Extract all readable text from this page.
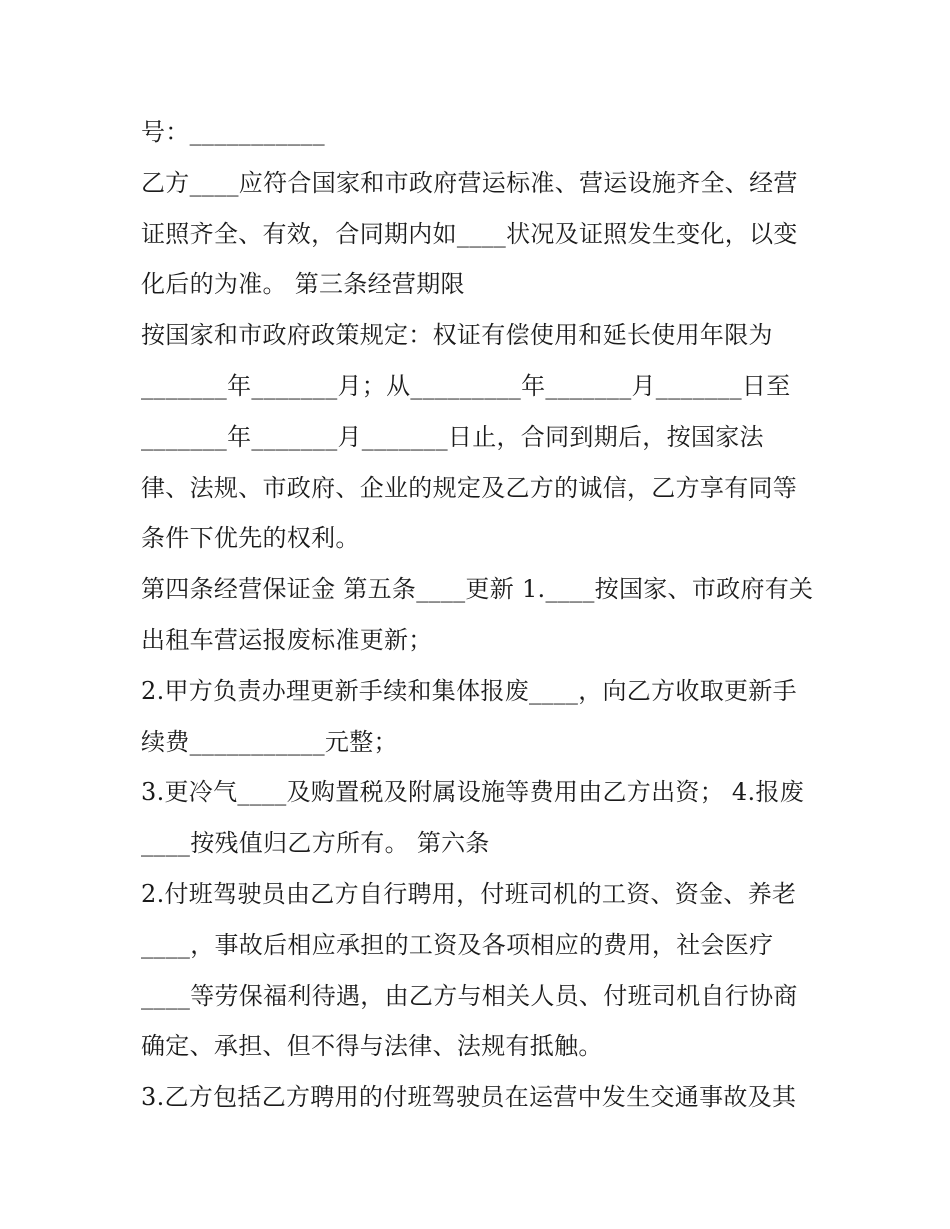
号：___________
乙方____应符合国家和市政府营运标准、营运设施齐全、经营
证照齐全、有效，合同期内如____状况及证照发生变化，以变
化后的为准。 第三条经营期限
按国家和市政府政策规定：权证有偿使用和延长使用年限为
_______年_______月；从_________年_______月_______日至
_______年_______月_______日止，合同到期后，按国家法
律、法规、市政府、企业的规定及乙方的诚信，乙方享有同等
条件下优先的权利。
第四条经营保证金 第五条____更新 1.____按国家、市政府有关
出租车营运报废标准更新；
2.甲方负责办理更新手续和集体报废____，向乙方收取更新手
续费___________元整；
3.更冷气____及购置税及附属设施等费用由乙方出资； 4.报废
____按残值归乙方所有。 第六条
2.付班驾驶员由乙方自行聘用，付班司机的工资、资金、养老
____，事故后相应承担的工资及各项相应的费用，社会医疗
____等劳保福利待遇，由乙方与相关人员、付班司机自行协商
确定、承担、但不得与法律、法规有抵触。
3.乙方包括乙方聘用的付班驾驶员在运营中发生交通事故及其
